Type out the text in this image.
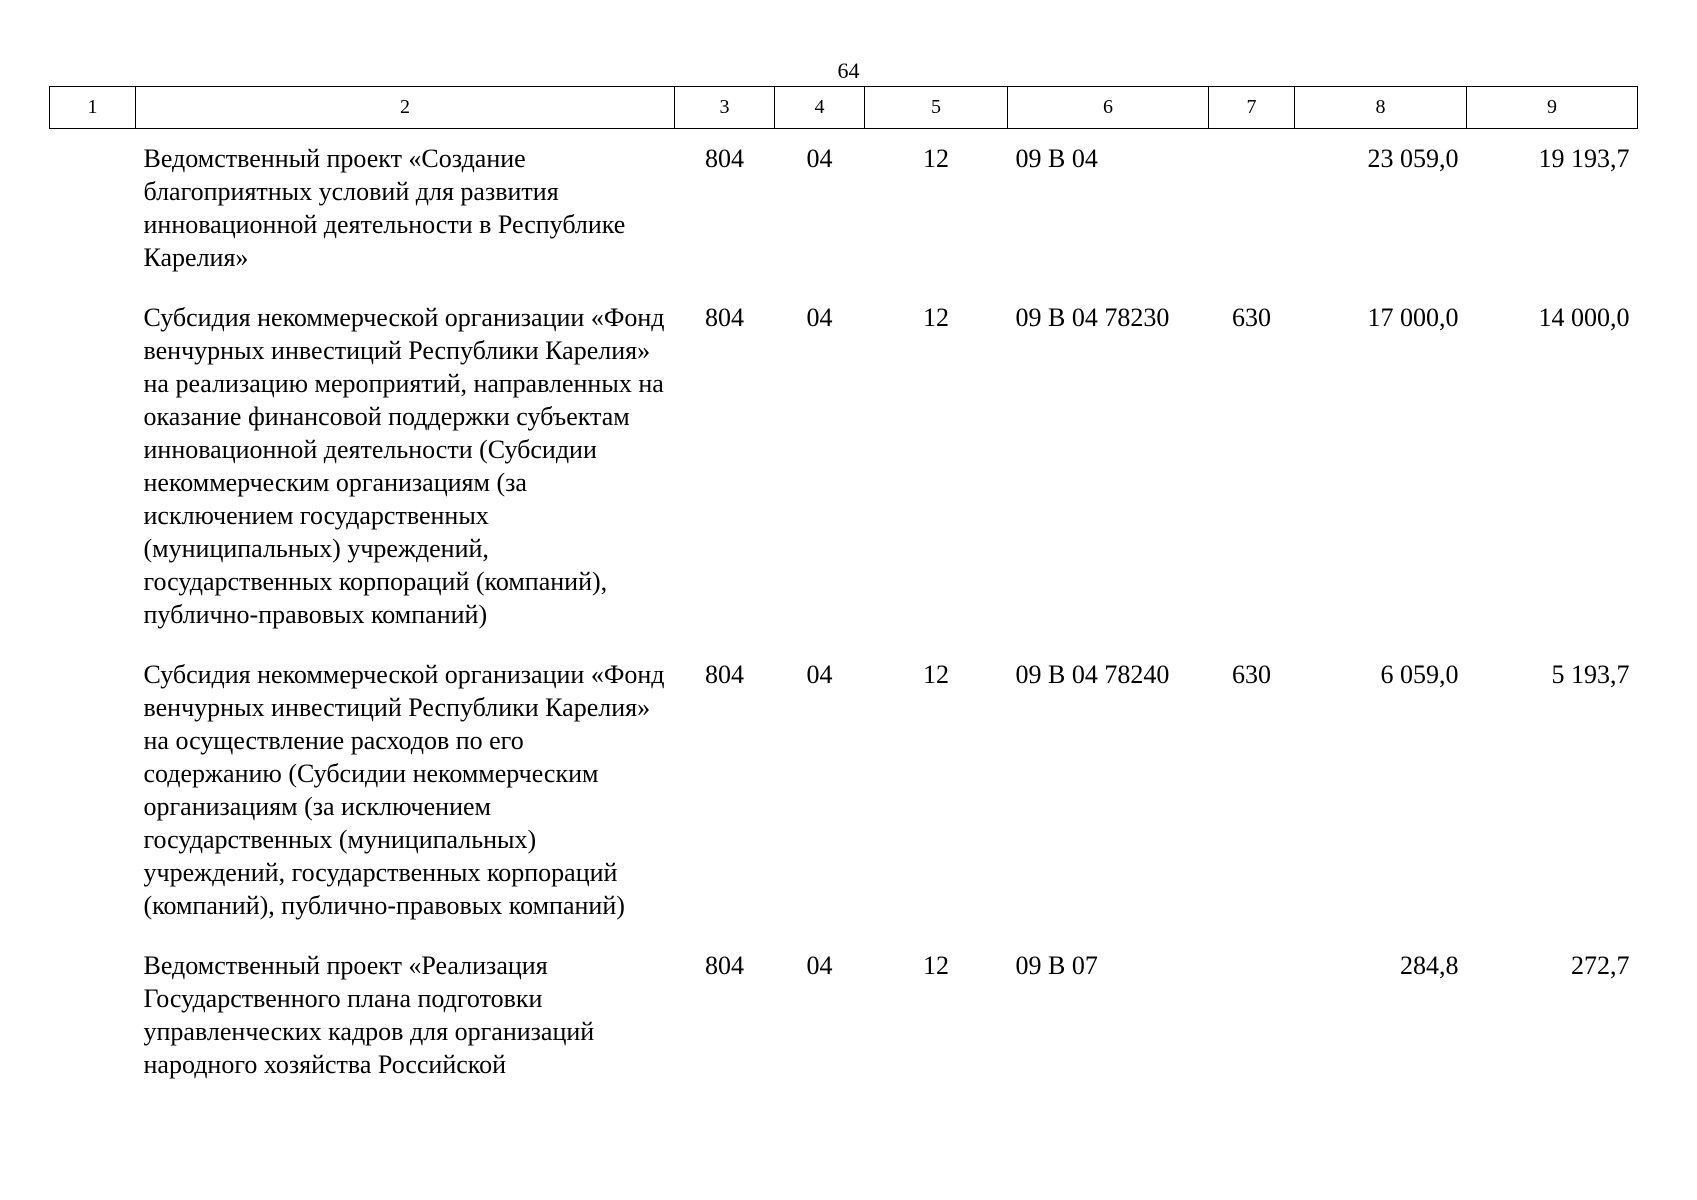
64
1	2	3	4	5	6	7	8	9
	Ведомственный проект «Создание благоприятных условий для развития инновационной деятельности в Республике Карелия»	804	04	12	09 B 04		23 059,0	19 193,7
	Субсидия некоммерческой организации «Фонд венчурных инвестиций Республики Карелия» на реализацию мероприятий, направленных на оказание финансовой поддержки субъектам инновационной деятельности (Субсидии некоммерческим организациям (за исключением государственных (муниципальных) учреждений, государственных корпораций (компаний), публично-правовых компаний)	804	04	12	09 B 04 78230	630	17 000,0	14 000,0
	Субсидия некоммерческой организации «Фонд венчурных инвестиций Республики Карелия» на осуществление расходов по его содержанию (Субсидии некоммерческим организациям (за исключением государственных (муниципальных) учреждений, государственных корпораций (компаний), публично-правовых компаний)	804	04	12	09 B 04 78240	630	6 059,0	5 193,7
	Ведомственный проект «Реализация Государственного плана подготовки управленческих кадров для организаций народного хозяйства Российской	804	04	12	09 B 07		284,8	272,7
